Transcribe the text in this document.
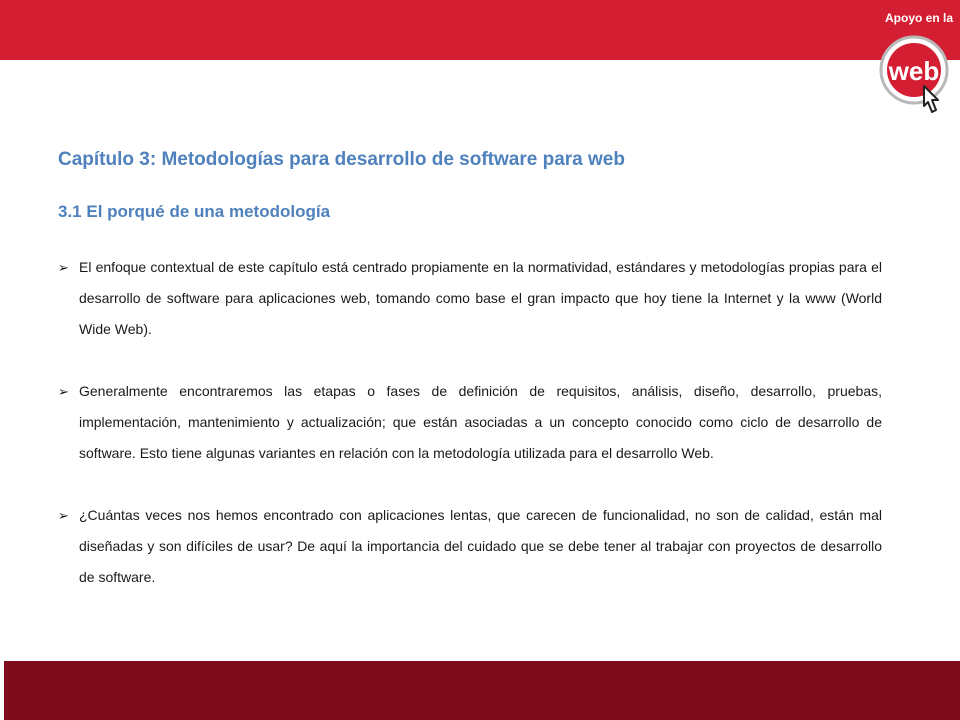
Apoyo en la
web
Capítulo 3: Metodologías para desarrollo de software para web
3.1 El porqué de una metodología
➢ El enfoque contextual de este capítulo está centrado propiamente en la normatividad, estándares y metodologías propias para el desarrollo de software para aplicaciones web, tomando como base el gran impacto que hoy tiene la Internet y la www (World Wide Web).
➢ Generalmente encontraremos las etapas o fases de definición de requisitos, análisis, diseño, desarrollo, pruebas, implementación, mantenimiento y actualización; que están asociadas a un concepto conocido como ciclo de desarrollo de software. Esto tiene algunas variantes en relación con la metodología utilizada para el desarrollo Web.
➢ ¿Cuántas veces nos hemos encontrado con aplicaciones lentas, que carecen de funcionalidad, no son de calidad, están mal diseñadas y son difíciles de usar? De aquí la importancia del cuidado que se debe tener al trabajar con proyectos de desarrollo de software.
